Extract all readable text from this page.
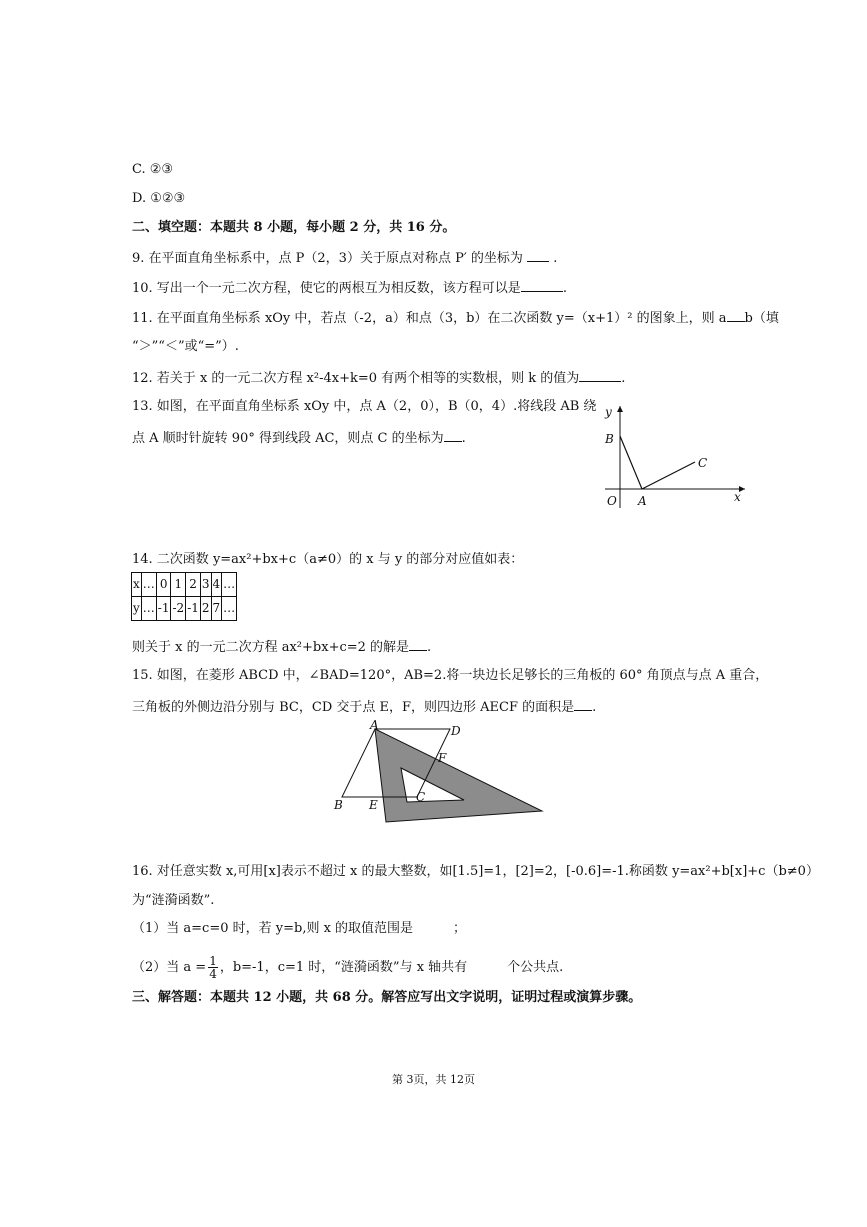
C. ②③
D. ①②③
二、填空题：本题共 8 小题，每小题 2 分，共 16 分。
9. 在平面直角坐标系中，点 P（2，3）关于原点对称点 P′ 的坐标为 .
10. 写出一个一元二次方程，使它的两根互为相反数，该方程可以是	.
11. 在平面直角坐标系 xOy 中，若点（-2，a）和点（3，b）在二次函数 y=（x+1）² 的图象上，则 a b（填
“＞”“＜”或“=”）.
12. 若关于 x 的一元二次方程 x²-4x+k=0 有两个相等的实数根，则 k 的值为	.
13. 如图，在平面直角坐标系 xOy 中，点 A（2，0），B（0，4）.将线段 AB 绕
点 A 顺时针旋转 90° 得到线段 AC，则点 C 的坐标为 .
y
x
O A
B
C
14. 二次函数 y=ax²+bx+c（a≠0）的 x 与 y 的部分对应值如表：
x	…	0	1	2	3	4	…
y	…	-1	-2	-1	2	7	…
则关于 x 的一元二次方程 ax²+bx+c=2 的解是 .
15. 如图，在菱形 ABCD 中，∠BAD=120°，AB=2.将一块边长足够长的三角板的 60° 角顶点与点 A 重合，
三角板的外侧边沿分别与 BC，CD 交于点 E，F，则四边形 AECF 的面积是 .
A	D
F
B E
C
16. 对任意实数 x,可用[x]表示不超过 x 的最大整数，如[1.5]=1，[2]=2，[-0.6]=-1.称函数 y=ax²+b[x]+c（b≠0）
为“涟漪函数”.
（1）当 a=c=0 时，若 y=b,则 x 的取值范围是	；
（2）当 $a = \frac{1}{4}$ ，b=-1，c=1 时，“涟漪函数”与 x 轴共有	个公共点.
三、解答题：本题共 12 小题，共 68 分。解答应写出文字说明，证明过程或演算步骤。
第 3页，共 12页
